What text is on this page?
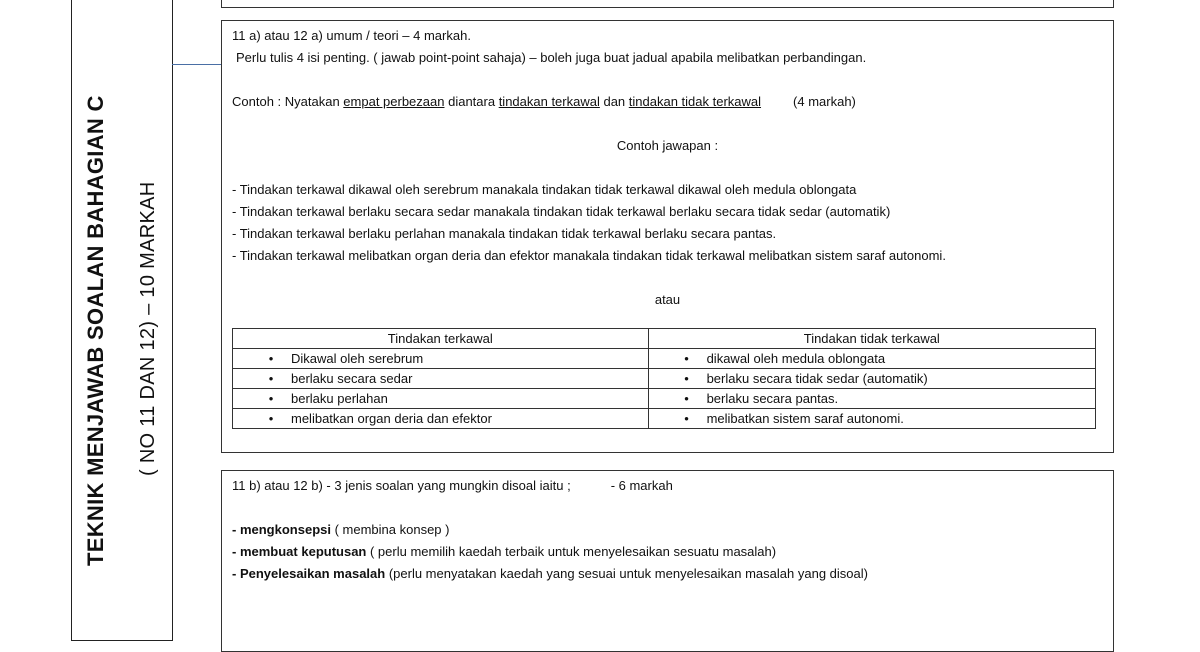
TEKNIK MENJAWAB SOALAN BAHAGIAN C ( NO 11 DAN 12) – 10 MARKAH
11 a) atau 12 a) umum / teori – 4 markah.
Perlu tulis 4 isi penting. ( jawab point-point sahaja) – boleh juga buat jadual apabila melibatkan perbandingan.
Contoh : Nyatakan empat perbezaan diantara tindakan terkawal dan tindakan tidak terkawal (4 markah)
Contoh jawapan :
- Tindakan terkawal dikawal oleh serebrum manakala tindakan tidak terkawal dikawal oleh medula oblongata
- Tindakan terkawal berlaku secara sedar manakala tindakan tidak terkawal berlaku secara tidak sedar (automatik)
- Tindakan terkawal berlaku perlahan manakala tindakan tidak terkawal berlaku secara pantas.
- Tindakan terkawal melibatkan organ deria dan efektor manakala tindakan tidak terkawal melibatkan sistem saraf autonomi.
atau
Tindakan terkawal	Tindakan tidak terkawal
• Dikawal oleh serebrum	• dikawal oleh medula oblongata
• berlaku secara sedar	• berlaku secara tidak sedar (automatik)
• berlaku perlahan	• berlaku secara pantas.
• melibatkan organ deria dan efektor	• melibatkan sistem saraf autonomi.
11 b) atau 12 b) - 3 jenis soalan yang mungkin disoal iaitu ;	- 6 markah
- mengkonsepsi ( membina konsep )
- membuat keputusan ( perlu memilih kaedah terbaik untuk menyelesaikan sesuatu masalah)
- Penyelesaikan masalah (perlu menyatakan kaedah yang sesuai untuk menyelesaikan masalah yang disoal)
